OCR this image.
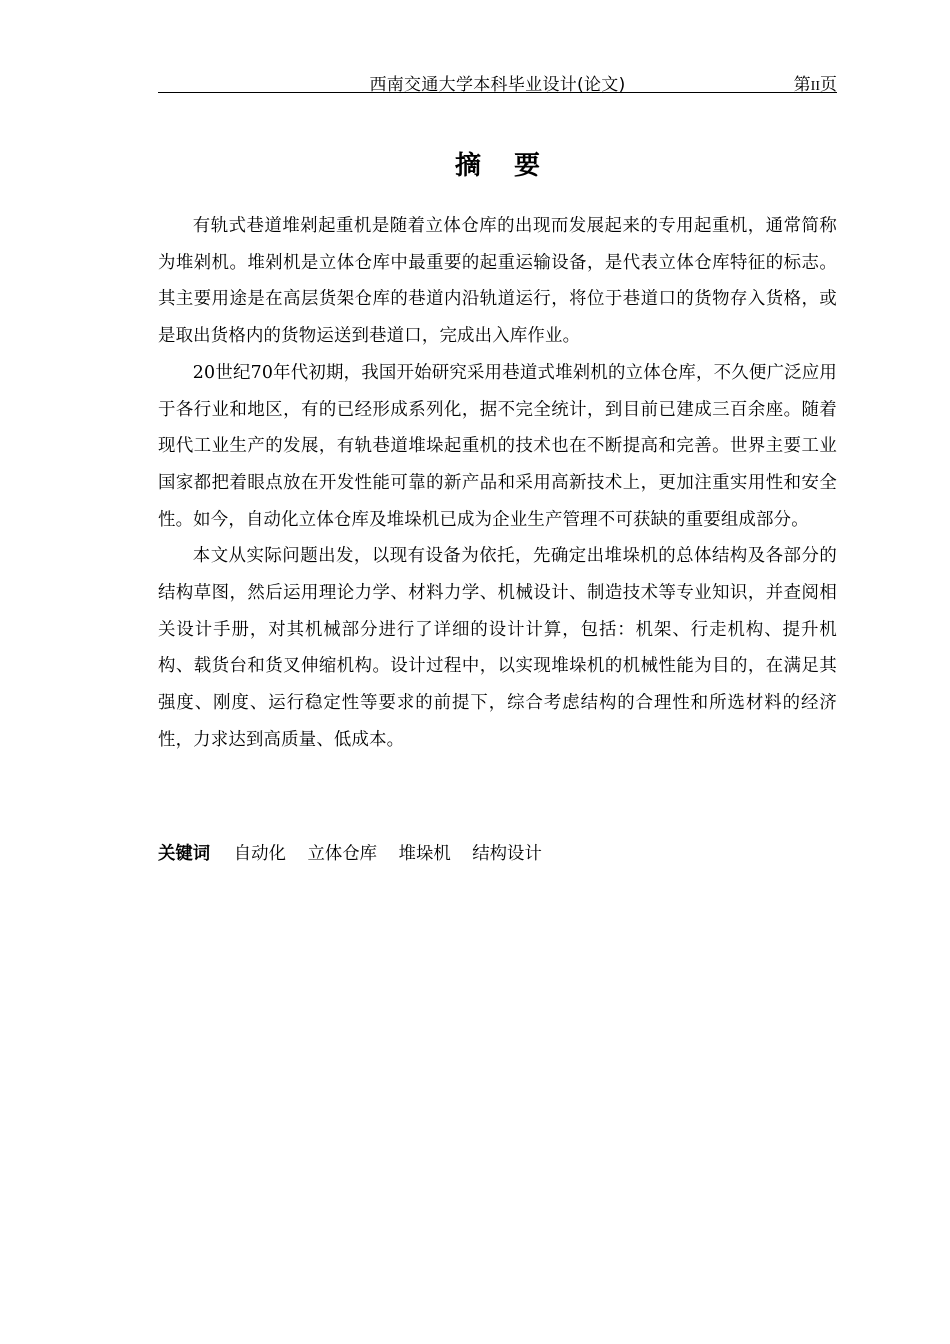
西南交通大学本科毕业设计(论文)	第II页
摘 要

有轨式巷道堆剁起重机是随着立体仓库的出现而发展起来的专用起重机，通常简称为堆剁机。堆剁机是立体仓库中最重要的起重运输设备，是代表立体仓库特征的标志。其主要用途是在高层货架仓库的巷道内沿轨道运行，将位于巷道口的货物存入货格，或是取出货格内的货物运送到巷道口，完成出入库作业。

20世纪70年代初期，我国开始研究采用巷道式堆剁机的立体仓库，不久便广泛应用于各行业和地区，有的已经形成系列化，据不完全统计，到目前已建成三百余座。随着现代工业生产的发展，有轨巷道堆垛起重机的技术也在不断提高和完善。世界主要工业国家都把着眼点放在开发性能可靠的新产品和采用高新技术上，更加注重实用性和安全性。如今，自动化立体仓库及堆垛机已成为企业生产管理不可获缺的重要组成部分。

本文从实际问题出发，以现有设备为依托，先确定出堆垛机的总体结构及各部分的结构草图，然后运用理论力学、材料力学、机械设计、制造技术等专业知识，并查阅相关设计手册，对其机械部分进行了详细的设计计算，包括：机架、行走机构、提升机构、载货台和货叉伸缩机构。设计过程中，以实现堆垛机的机械性能为目的，在满足其强度、刚度、运行稳定性等要求的前提下，综合考虑结构的合理性和所选材料的经济性，力求达到高质量、低成本。

关键词 自动化 立体仓库 堆垛机 结构设计
